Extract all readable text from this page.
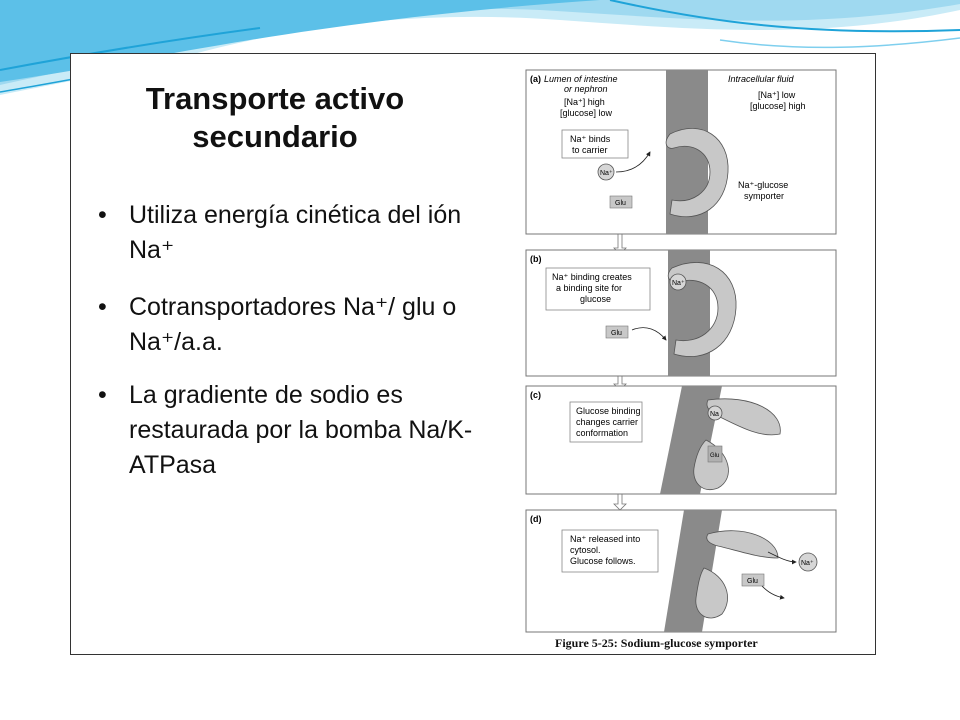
Transporte activo secundario
• Utiliza energía cinética del ión Na⁺
• Cotransportadores Na⁺/ glu o Na⁺/a.a.
• La gradiente de sodio es restaurada por la bomba Na/K-ATPasa
(a) Lumen of intestine
or nephron
[Na⁺] high
[glucose] low
Intracellular fluid
[Na⁺] low
[glucose] high
Na⁺ binds
to carrier
Na⁺
Glu
Na⁺-glucose
symporter
(b)
Na⁺ binding creates
a binding site for
glucose
Na⁺
Glu
(c)
Glucose binding
changes carrier
conformation
Na
Glu
(d)
Na⁺ released into
cytosol.
Glucose follows.	Na⁺
Glu
Figure 5-25: Sodium-glucose symporter
